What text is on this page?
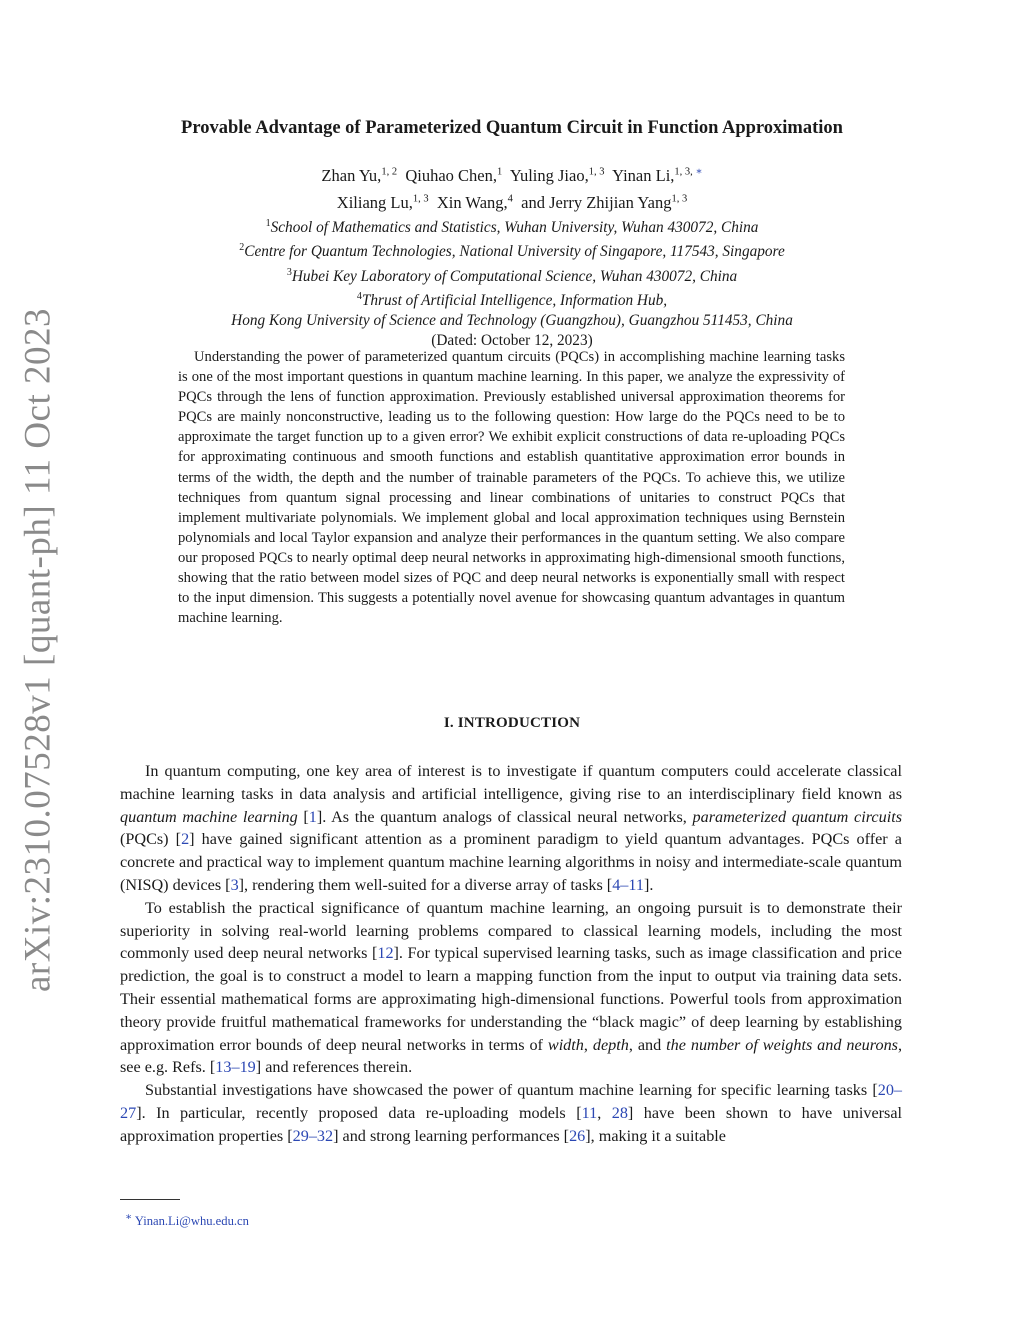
arXiv:2310.07528v1 [quant-ph] 11 Oct 2023
Provable Advantage of Parameterized Quantum Circuit in Function Approximation
Zhan Yu,$^{1, 2}$ Qiuhao Chen,$^1$ Yuling Jiao,$^{1, 3}$ Yinan Li,$^{1, 3, ∗}$
Xiliang Lu,$^{1, 3}$ Xin Wang,$^4$ and Jerry Zhijian Yang$^{1, 3}$
$^1$School of Mathematics and Statistics, Wuhan University, Wuhan 430072, China
$^2$Centre for Quantum Technologies, National University of Singapore, 117543, Singapore
$^3$Hubei Key Laboratory of Computational Science, Wuhan 430072, China
$^4$Thrust of Artificial Intelligence, Information Hub,
Hong Kong University of Science and Technology (Guangzhou), Guangzhou 511453, China
(Dated: October 12, 2023)
Understanding the power of parameterized quantum circuits (PQCs) in accomplishing machine learning tasks is one of the most important questions in quantum machine learning. In this paper, we analyze the expressivity of PQCs through the lens of function approximation. Previously established universal approximation theorems for PQCs are mainly nonconstructive, leading us to the following question: How large do the PQCs need to be to approximate the target function up to a given error? We exhibit explicit constructions of data re-uploading PQCs for approximating continuous and smooth functions and establish quantitative approximation error bounds in terms of the width, the depth and the number of trainable parameters of the PQCs. To achieve this, we utilize techniques from quantum signal processing and linear combinations of unitaries to construct PQCs that implement multivariate polynomials. We implement global and local approximation techniques using Bernstein polynomials and local Taylor expansion and analyze their performances in the quantum setting. We also compare our proposed PQCs to nearly optimal deep neural networks in approximating high-dimensional smooth functions, showing that the ratio between model sizes of PQC and deep neural networks is exponentially small with respect to the input dimension. This suggests a potentially novel avenue for showcasing quantum advantages in quantum machine learning.
I. INTRODUCTION

In quantum computing, one key area of interest is to investigate if quantum computers could accelerate classical machine learning tasks in data analysis and artificial intelligence, giving rise to an interdisciplinary field known as quantum machine learning [1]. As the quantum analogs of classical neural networks, parameterized quantum circuits (PQCs) [2] have gained significant attention as a prominent paradigm to yield quantum advantages. PQCs offer a concrete and practical way to implement quantum machine learning algorithms in noisy and intermediate-scale quantum (NISQ) devices [3], rendering them well-suited for a diverse array of tasks [4–11].

To establish the practical significance of quantum machine learning, an ongoing pursuit is to demonstrate their superiority in solving real-world learning problems compared to classical learning models, including the most commonly used deep neural networks [12]. For typical supervised learning tasks, such as image classification and price prediction, the goal is to construct a model to learn a mapping function from the input to output via training data sets. Their essential mathematical forms are approximating high-dimensional functions. Powerful tools from approximation theory provide fruitful mathematical frameworks for understanding the “black magic” of deep learning by establishing approximation error bounds of deep neural networks in terms of width, depth, and the number of weights and neurons, see e.g. Refs. [13–19] and references therein.

Substantial investigations have showcased the power of quantum machine learning for specific learning tasks [20–27]. In particular, recently proposed data re-uploading models [11, 28] have been shown to have universal approximation properties [29–32] and strong learning performances [26], making it a suitable

∗ Yinan.Li@whu.edu.cn
